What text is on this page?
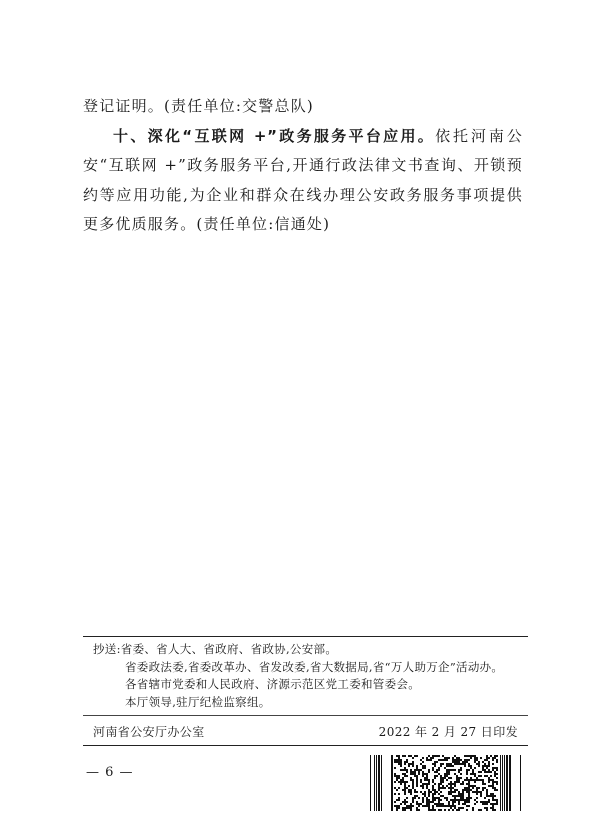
登记证明。(责任单位:交警总队)

十、深化“互联网 +”政务服务平台应用。依托河南公安“互联网 +”政务服务平台,开通行政法律文书查询、开锁预约等应用功能,为企业和群众在线办理公安政务服务事项提供更多优质服务。(责任单位:信通处)

抄送:省委、省人大、省政府、省政协,公安部。
省委政法委,省委改革办、省发改委,省大数据局,省“万人助万企”活动办。
各省辖市党委和人民政府、济源示范区党工委和管委会。
本厅领导,驻厅纪检监察组。
河南省公安厅办公室	2022 年 2 月 27 日印发
— 6 —
